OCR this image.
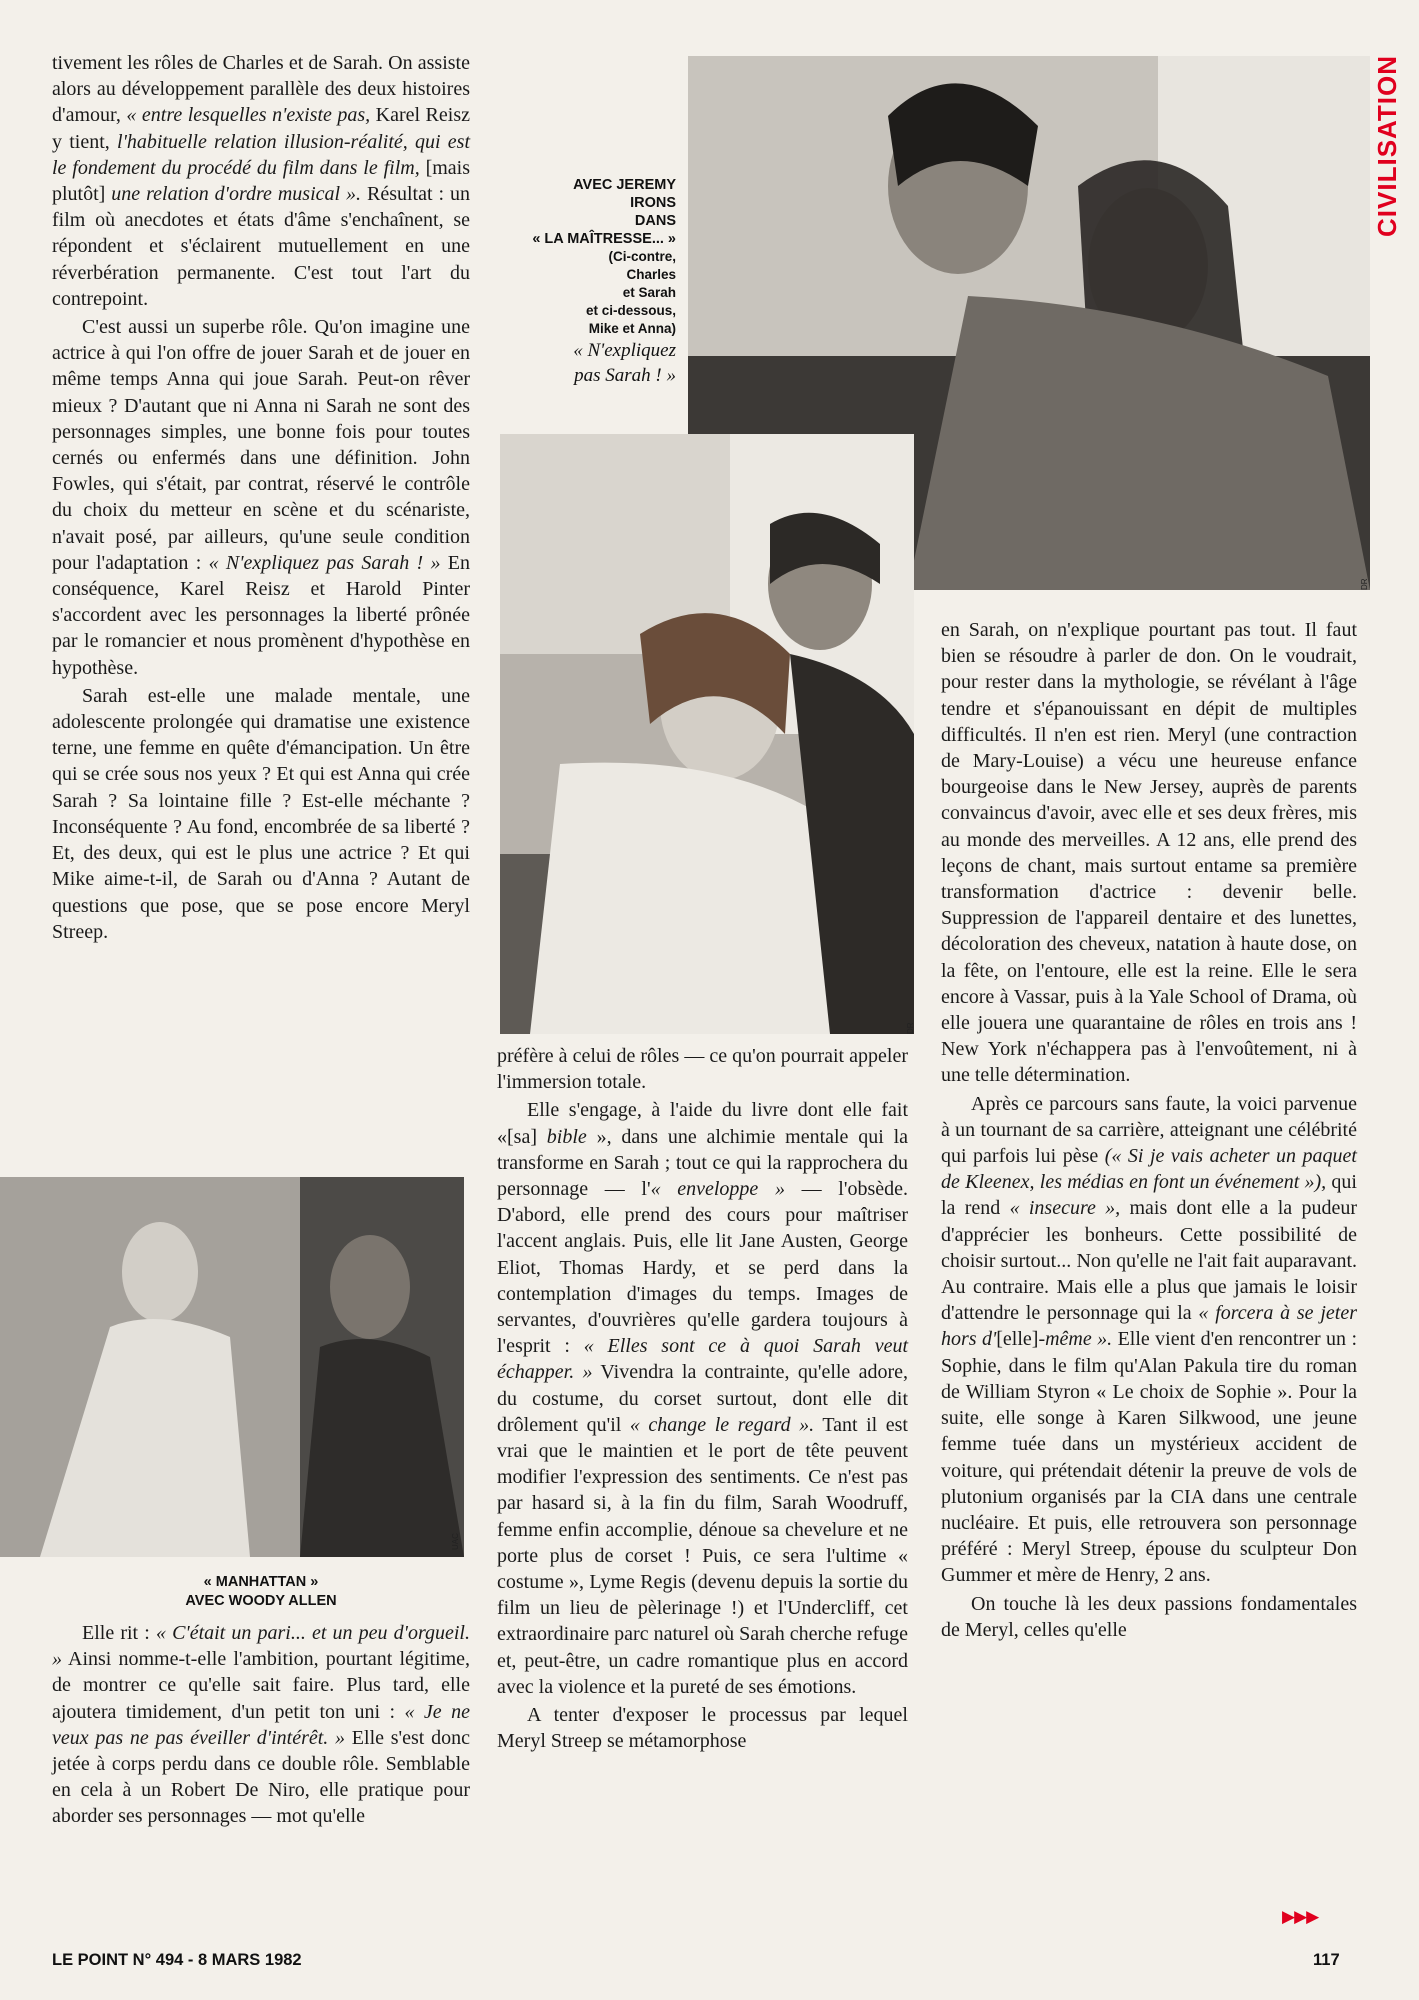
CIVILISATION

tivement les rôles de Charles et de Sarah. On assiste alors au développement parallèle des deux histoires d'amour, « entre lesquelles n'existe pas, Karel Reisz y tient, l'habituelle relation illusion-réalité, qui est le fondement du procédé du film dans le film, [mais plutôt] une relation d'ordre musical ». Résultat : un film où anecdotes et états d'âme s'enchaînent, se répondent et s'éclairent mutuellement en une réverbération permanente. C'est tout l'art du contrepoint.

C'est aussi un superbe rôle. Qu'on imagine une actrice à qui l'on offre de jouer Sarah et de jouer en même temps Anna qui joue Sarah. Peut-on rêver mieux ? D'autant que ni Anna ni Sarah ne sont des personnages simples, une bonne fois pour toutes cernés ou enfermés dans une définition. John Fowles, qui s'était, par contrat, réservé le contrôle du choix du metteur en scène et du scénariste, n'avait posé, par ailleurs, qu'une seule condition pour l'adaptation : « N'expliquez pas Sarah ! » En conséquence, Karel Reisz et Harold Pinter s'accordent avec les personnages la liberté prônée par le romancier et nous promènent d'hypothèse en hypothèse.

Sarah est-elle une malade mentale, une adolescente prolongée qui dramatise une existence terne, une femme en quête d'émancipation. Un être qui se crée sous nos yeux ? Et qui est Anna qui crée Sarah ? Sa lointaine fille ? Est-elle méchante ? Inconséquente ? Au fond, encombrée de sa liberté ? Et, des deux, qui est le plus une actrice ? Et qui Mike aime-t-il, de Sarah ou d'Anna ? Autant de questions que pose, que se pose encore Meryl Streep.

UAC
« MANHATTAN »
AVEC WOODY ALLEN

Elle rit : « C'était un pari... et un peu d'orgueil. » Ainsi nomme-t-elle l'ambition, pourtant légitime, de montrer ce qu'elle sait faire. Plus tard, elle ajoutera timidement, d'un petit ton uni : « Je ne veux pas ne pas éveiller d'intérêt. » Elle s'est donc jetée à corps perdu dans ce double rôle. Semblable en cela à un Robert De Niro, elle pratique pour aborder ses personnages — mot qu'elle

DR
AVEC JEREMY
IRONS
DANS
« LA MAÎTRESSE... »
(Ci-contre,
Charles
et Sarah
et ci-dessous,
Mike et Anna)
« N'expliquez
pas Sarah ! »
DR

préfère à celui de rôles — ce qu'on pourrait appeler l'immersion totale.

Elle s'engage, à l'aide du livre dont elle fait «[sa] bible », dans une alchimie mentale qui la transforme en Sarah ; tout ce qui la rapprochera du personnage — l'« enveloppe » — l'obsède. D'abord, elle prend des cours pour maîtriser l'accent anglais. Puis, elle lit Jane Austen, George Eliot, Thomas Hardy, et se perd dans la contemplation d'images du temps. Images de servantes, d'ouvrières qu'elle gardera toujours à l'esprit : « Elles sont ce à quoi Sarah veut échapper. » Vivendra la contrainte, qu'elle adore, du costume, du corset surtout, dont elle dit drôlement qu'il « change le regard ». Tant il est vrai que le maintien et le port de tête peuvent modifier l'expression des sentiments. Ce n'est pas par hasard si, à la fin du film, Sarah Woodruff, femme enfin accomplie, dénoue sa chevelure et ne porte plus de corset ! Puis, ce sera l'ultime « costume », Lyme Regis (devenu depuis la sortie du film un lieu de pèlerinage !) et l'Undercliff, cet extraordinaire parc naturel où Sarah cherche refuge et, peut-être, un cadre romantique plus en accord avec la violence et la pureté de ses émotions.

A tenter d'exposer le processus par lequel Meryl Streep se métamorphose

en Sarah, on n'explique pourtant pas tout. Il faut bien se résoudre à parler de don. On le voudrait, pour rester dans la mythologie, se révélant à l'âge tendre et s'épanouissant en dépit de multiples difficultés. Il n'en est rien. Meryl (une contraction de Mary-Louise) a vécu une heureuse enfance bourgeoise dans le New Jersey, auprès de parents convaincus d'avoir, avec elle et ses deux frères, mis au monde des merveilles. A 12 ans, elle prend des leçons de chant, mais surtout entame sa première transformation d'actrice : devenir belle. Suppression de l'appareil dentaire et des lunettes, décoloration des cheveux, natation à haute dose, on la fête, on l'entoure, elle est la reine. Elle le sera encore à Vassar, puis à la Yale School of Drama, où elle jouera une quarantaine de rôles en trois ans ! New York n'échappera pas à l'envoûtement, ni à une telle détermination.

Après ce parcours sans faute, la voici parvenue à un tournant de sa carrière, atteignant une célébrité qui parfois lui pèse (« Si je vais acheter un paquet de Kleenex, les médias en font un événement »), qui la rend « insecure », mais dont elle a la pudeur d'apprécier les bonheurs. Cette possibilité de choisir surtout... Non qu'elle ne l'ait fait auparavant. Au contraire. Mais elle a plus que jamais le loisir d'attendre le personnage qui la « forcera à se jeter hors d'[elle]-même ». Elle vient d'en rencontrer un : Sophie, dans le film qu'Alan Pakula tire du roman de William Styron « Le choix de Sophie ». Pour la suite, elle songe à Karen Silkwood, une jeune femme tuée dans un mystérieux accident de voiture, qui prétendait détenir la preuve de vols de plutonium organisés par la CIA dans une centrale nucléaire. Et puis, elle retrouvera son personnage préféré : Meryl Streep, épouse du sculpteur Don Gummer et mère de Henry, 2 ans.

On touche là les deux passions fondamentales de Meryl, celles qu'elle

LE POINT N° 494 - 8 MARS 1982	117
▶▶▶
